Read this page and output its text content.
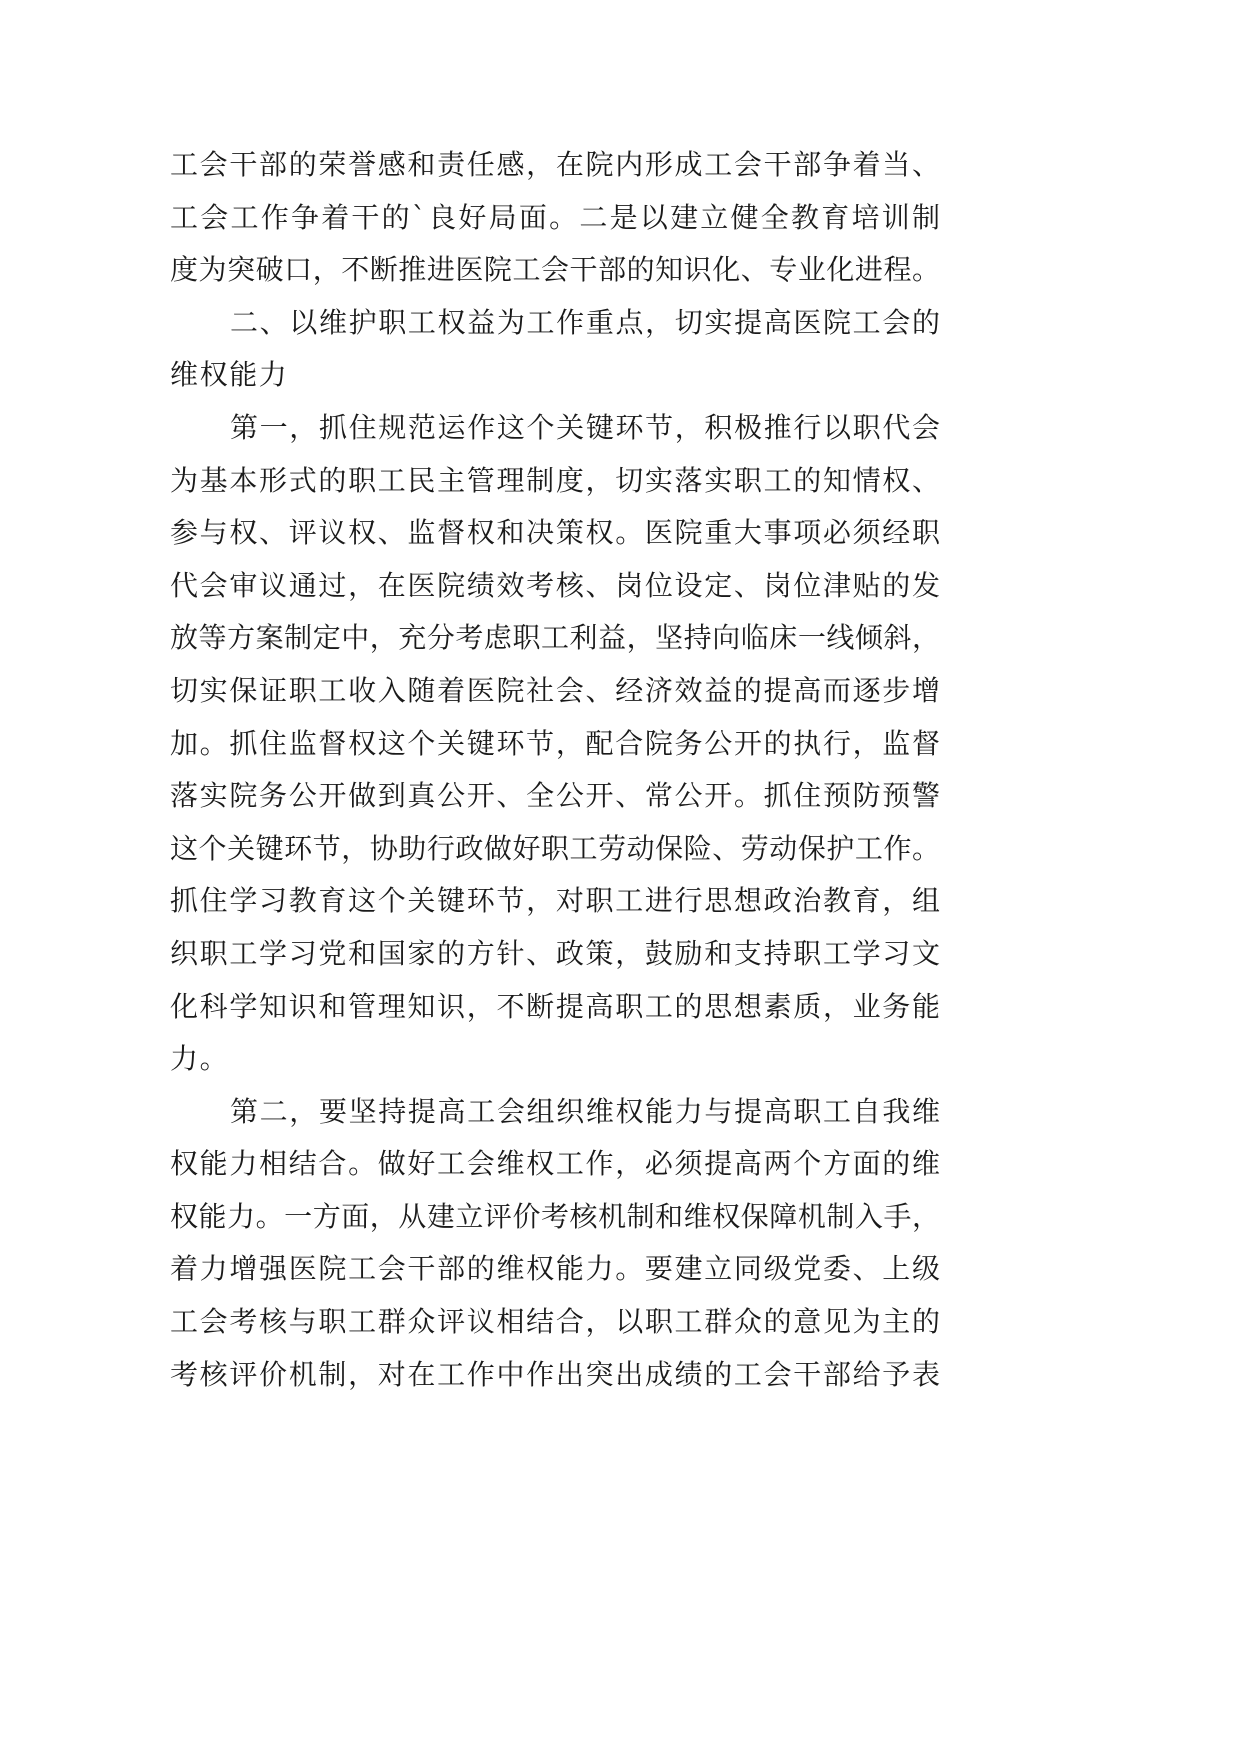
工会干部的荣誉感和责任感，在院内形成工会干部争着当、
工会工作争着干的`良好局面。二是以建立健全教育培训制
度为突破口，不断推进医院工会干部的知识化、专业化进程。
二、以维护职工权益为工作重点，切实提高医院工会的
维权能力
第一，抓住规范运作这个关键环节，积极推行以职代会
为基本形式的职工民主管理制度，切实落实职工的知情权、
参与权、评议权、监督权和决策权。医院重大事项必须经职
代会审议通过，在医院绩效考核、岗位设定、岗位津贴的发
放等方案制定中，充分考虑职工利益，坚持向临床一线倾斜，
切实保证职工收入随着医院社会、经济效益的提高而逐步增
加。抓住监督权这个关键环节，配合院务公开的执行，监督
落实院务公开做到真公开、全公开、常公开。抓住预防预警
这个关键环节，协助行政做好职工劳动保险、劳动保护工作。
抓住学习教育这个关键环节，对职工进行思想政治教育，组
织职工学习党和国家的方针、政策，鼓励和支持职工学习文
化科学知识和管理知识，不断提高职工的思想素质，业务能
力。
第二，要坚持提高工会组织维权能力与提高职工自我维
权能力相结合。做好工会维权工作，必须提高两个方面的维
权能力。一方面，从建立评价考核机制和维权保障机制入手，
着力增强医院工会干部的维权能力。要建立同级党委、上级
工会考核与职工群众评议相结合，以职工群众的意见为主的
考核评价机制，对在工作中作出突出成绩的工会干部给予表
